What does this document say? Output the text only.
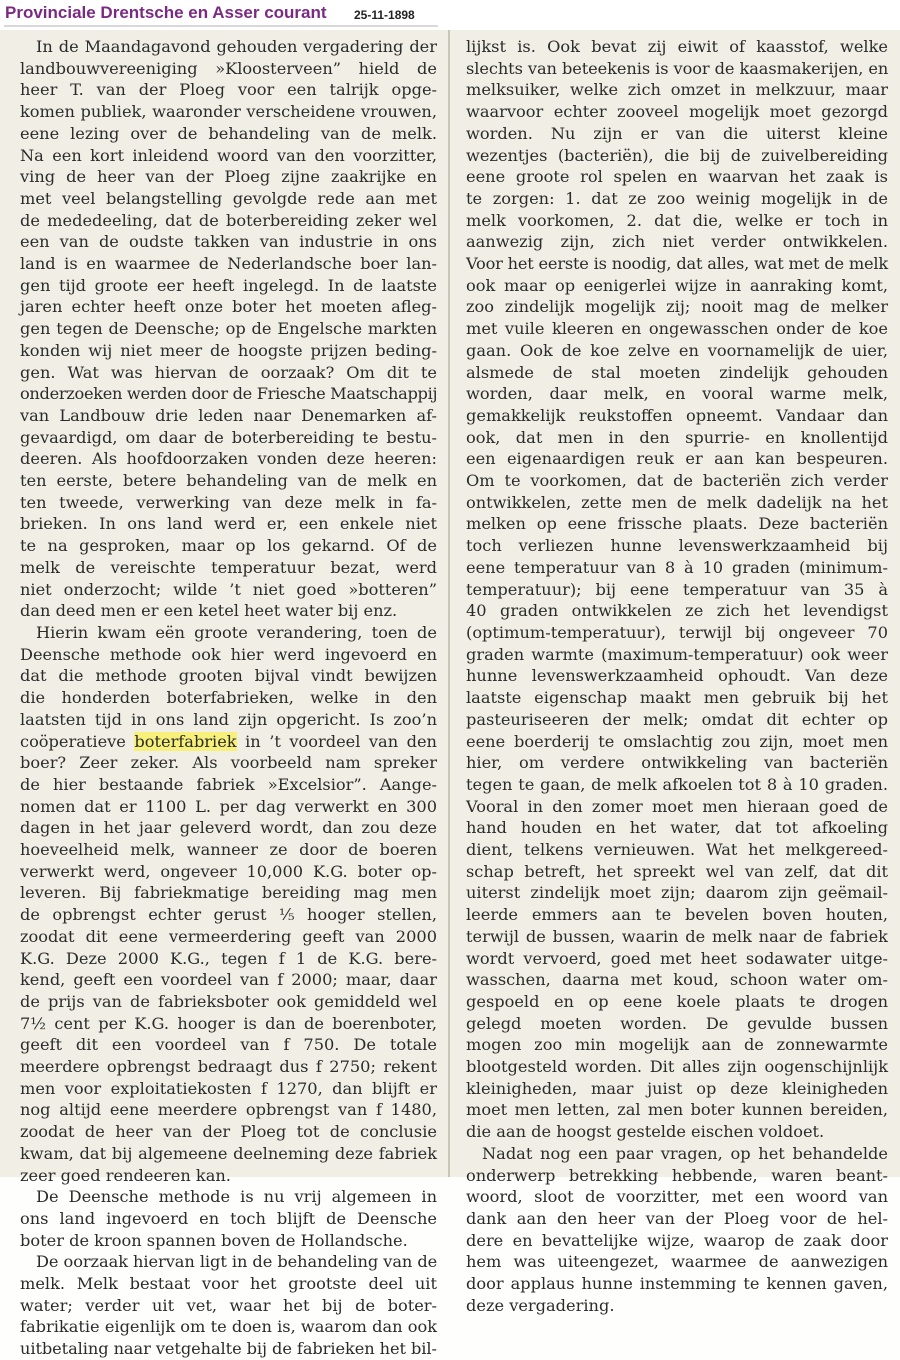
Provinciale Drentsche en Asser courant 25-11-1898
In de Maandagavond gehouden vergadering der
landbouwvereeniging »Kloosterveen” hield de
heer T. van der Ploeg voor een talrijk opge-
komen publiek, waaronder verscheidene vrouwen,
eene lezing over de behandeling van de melk.
Na een kort inleidend woord van den voorzitter,
ving de heer van der Ploeg zijne zaakrijke en
met veel belangstelling gevolgde rede aan met
de mededeeling, dat de boterbereiding zeker wel
een van de oudste takken van industrie in ons
land is en waarmee de Nederlandsche boer lan-
gen tijd groote eer heeft ingelegd. In de laatste
jaren echter heeft onze boter het moeten afleg-
gen tegen de Deensche; op de Engelsche markten
konden wij niet meer de hoogste prijzen beding-
gen. Wat was hiervan de oorzaak? Om dit te
onderzoeken werden door de Friesche Maatschappij
van Landbouw drie leden naar Denemarken af-
gevaardigd, om daar de boterbereiding te bestu-
deeren. Als hoofdoorzaken vonden deze heeren:
ten eerste, betere behandeling van de melk en
ten tweede, verwerking van deze melk in fa-
brieken. In ons land werd er, een enkele niet
te na gesproken, maar op los gekarnd. Of de
melk de vereischte temperatuur bezat, werd
niet onderzocht; wilde ’t niet goed »botteren”
dan deed men er een ketel heet water bij enz.
Hierin kwam eën groote verandering, toen de
Deensche methode ook hier werd ingevoerd en
dat die methode grooten bijval vindt bewijzen
die honderden boterfabrieken, welke in den
laatsten tijd in ons land zijn opgericht. Is zoo’n
coöperatieve boterfabriek in ’t voordeel van den
boer? Zeer zeker. Als voorbeeld nam spreker
de hier bestaande fabriek »Excelsior”. Aange-
nomen dat er 1100 L. per dag verwerkt en 300
dagen in het jaar geleverd wordt, dan zou deze
hoeveelheid melk, wanneer ze door de boeren
verwerkt werd, ongeveer 10,000 K.G. boter op-
leveren. Bij fabriekmatige bereiding mag men
de opbrengst echter gerust ⅕ hooger stellen,
zoodat dit eene vermeerdering geeft van 2000
K.G. Deze 2000 K.G., tegen f 1 de K.G. bere-
kend, geeft een voordeel van f 2000; maar, daar
de prijs van de fabrieksboter ook gemiddeld wel
7½ cent per K.G. hooger is dan de boerenboter,
geeft dit een voordeel van f 750. De totale
meerdere opbrengst bedraagt dus f 2750; rekent
men voor exploitatiekosten f 1270, dan blijft er
nog altijd eene meerdere opbrengst van f 1480,
zoodat de heer van der Ploeg tot de conclusie
kwam, dat bij algemeene deelneming deze fabriek
zeer goed rendeeren kan.
De Deensche methode is nu vrij algemeen in
ons land ingevoerd en toch blijft de Deensche
boter de kroon spannen boven de Hollandsche.
De oorzaak hiervan ligt in de behandeling van de
melk. Melk bestaat voor het grootste deel uit
water; verder uit vet, waar het bij de boter-
fabrikatie eigenlijk om te doen is, waarom dan ook
uitbetaling naar vetgehalte bij de fabrieken het bil-
lijkst is. Ook bevat zij eiwit of kaasstof, welke
slechts van beteekenis is voor de kaasmakerijen, en
melksuiker, welke zich omzet in melkzuur, maar
waarvoor echter zooveel mogelijk moet gezorgd
worden. Nu zijn er van die uiterst kleine
wezentjes (bacteriën), die bij de zuivelbereiding
eene groote rol spelen en waarvan het zaak is
te zorgen: 1. dat ze zoo weinig mogelijk in de
melk voorkomen, 2. dat die, welke er toch in
aanwezig zijn, zich niet verder ontwikkelen.
Voor het eerste is noodig, dat alles, wat met de melk
ook maar op eenigerlei wijze in aanraking komt,
zoo zindelijk mogelijk zij; nooit mag de melker
met vuile kleeren en ongewasschen onder de koe
gaan. Ook de koe zelve en voornamelijk de uier,
alsmede de stal moeten zindelijk gehouden
worden, daar melk, en vooral warme melk,
gemakkelijk reukstoffen opneemt. Vandaar dan
ook, dat men in den spurrie- en knollentijd
een eigenaardigen reuk er aan kan bespeuren.
Om te voorkomen, dat de bacteriën zich verder
ontwikkelen, zette men de melk dadelijk na het
melken op eene frissche plaats. Deze bacteriën
toch verliezen hunne levenswerkzaamheid bij
eene temperatuur van 8 à 10 graden (minimum-
temperatuur); bij eene temperatuur van 35 à
40 graden ontwikkelen ze zich het levendigst
(optimum-temperatuur), terwijl bij ongeveer 70
graden warmte (maximum-temperatuur) ook weer
hunne levenswerkzaamheid ophoudt. Van deze
laatste eigenschap maakt men gebruik bij het
pasteuriseeren der melk; omdat dit echter op
eene boerderij te omslachtig zou zijn, moet men
hier, om verdere ontwikkeling van bacteriën
tegen te gaan, de melk afkoelen tot 8 à 10 graden.
Vooral in den zomer moet men hieraan goed de
hand houden en het water, dat tot afkoeling
dient, telkens vernieuwen. Wat het melkgereed-
schap betreft, het spreekt wel van zelf, dat dit
uiterst zindelijk moet zijn; daarom zijn geëmail-
leerde emmers aan te bevelen boven houten,
terwijl de bussen, waarin de melk naar de fabriek
wordt vervoerd, goed met heet sodawater uitge-
wasschen, daarna met koud, schoon water om-
gespoeld en op eene koele plaats te drogen
gelegd moeten worden. De gevulde bussen
mogen zoo min mogelijk aan de zonnewarmte
blootgesteld worden. Dit alles zijn oogenschijnlijk
kleinigheden, maar juist op deze kleinigheden
moet men letten, zal men boter kunnen bereiden,
die aan de hoogst gestelde eischen voldoet.
Nadat nog een paar vragen, op het behandelde
onderwerp betrekking hebbende, waren beant-
woord, sloot de voorzitter, met een woord van
dank aan den heer van der Ploeg voor de hel-
dere en bevattelijke wijze, waarop de zaak door
hem was uiteengezet, waarmee de aanwezigen
door applaus hunne instemming te kennen gaven,
deze vergadering.
